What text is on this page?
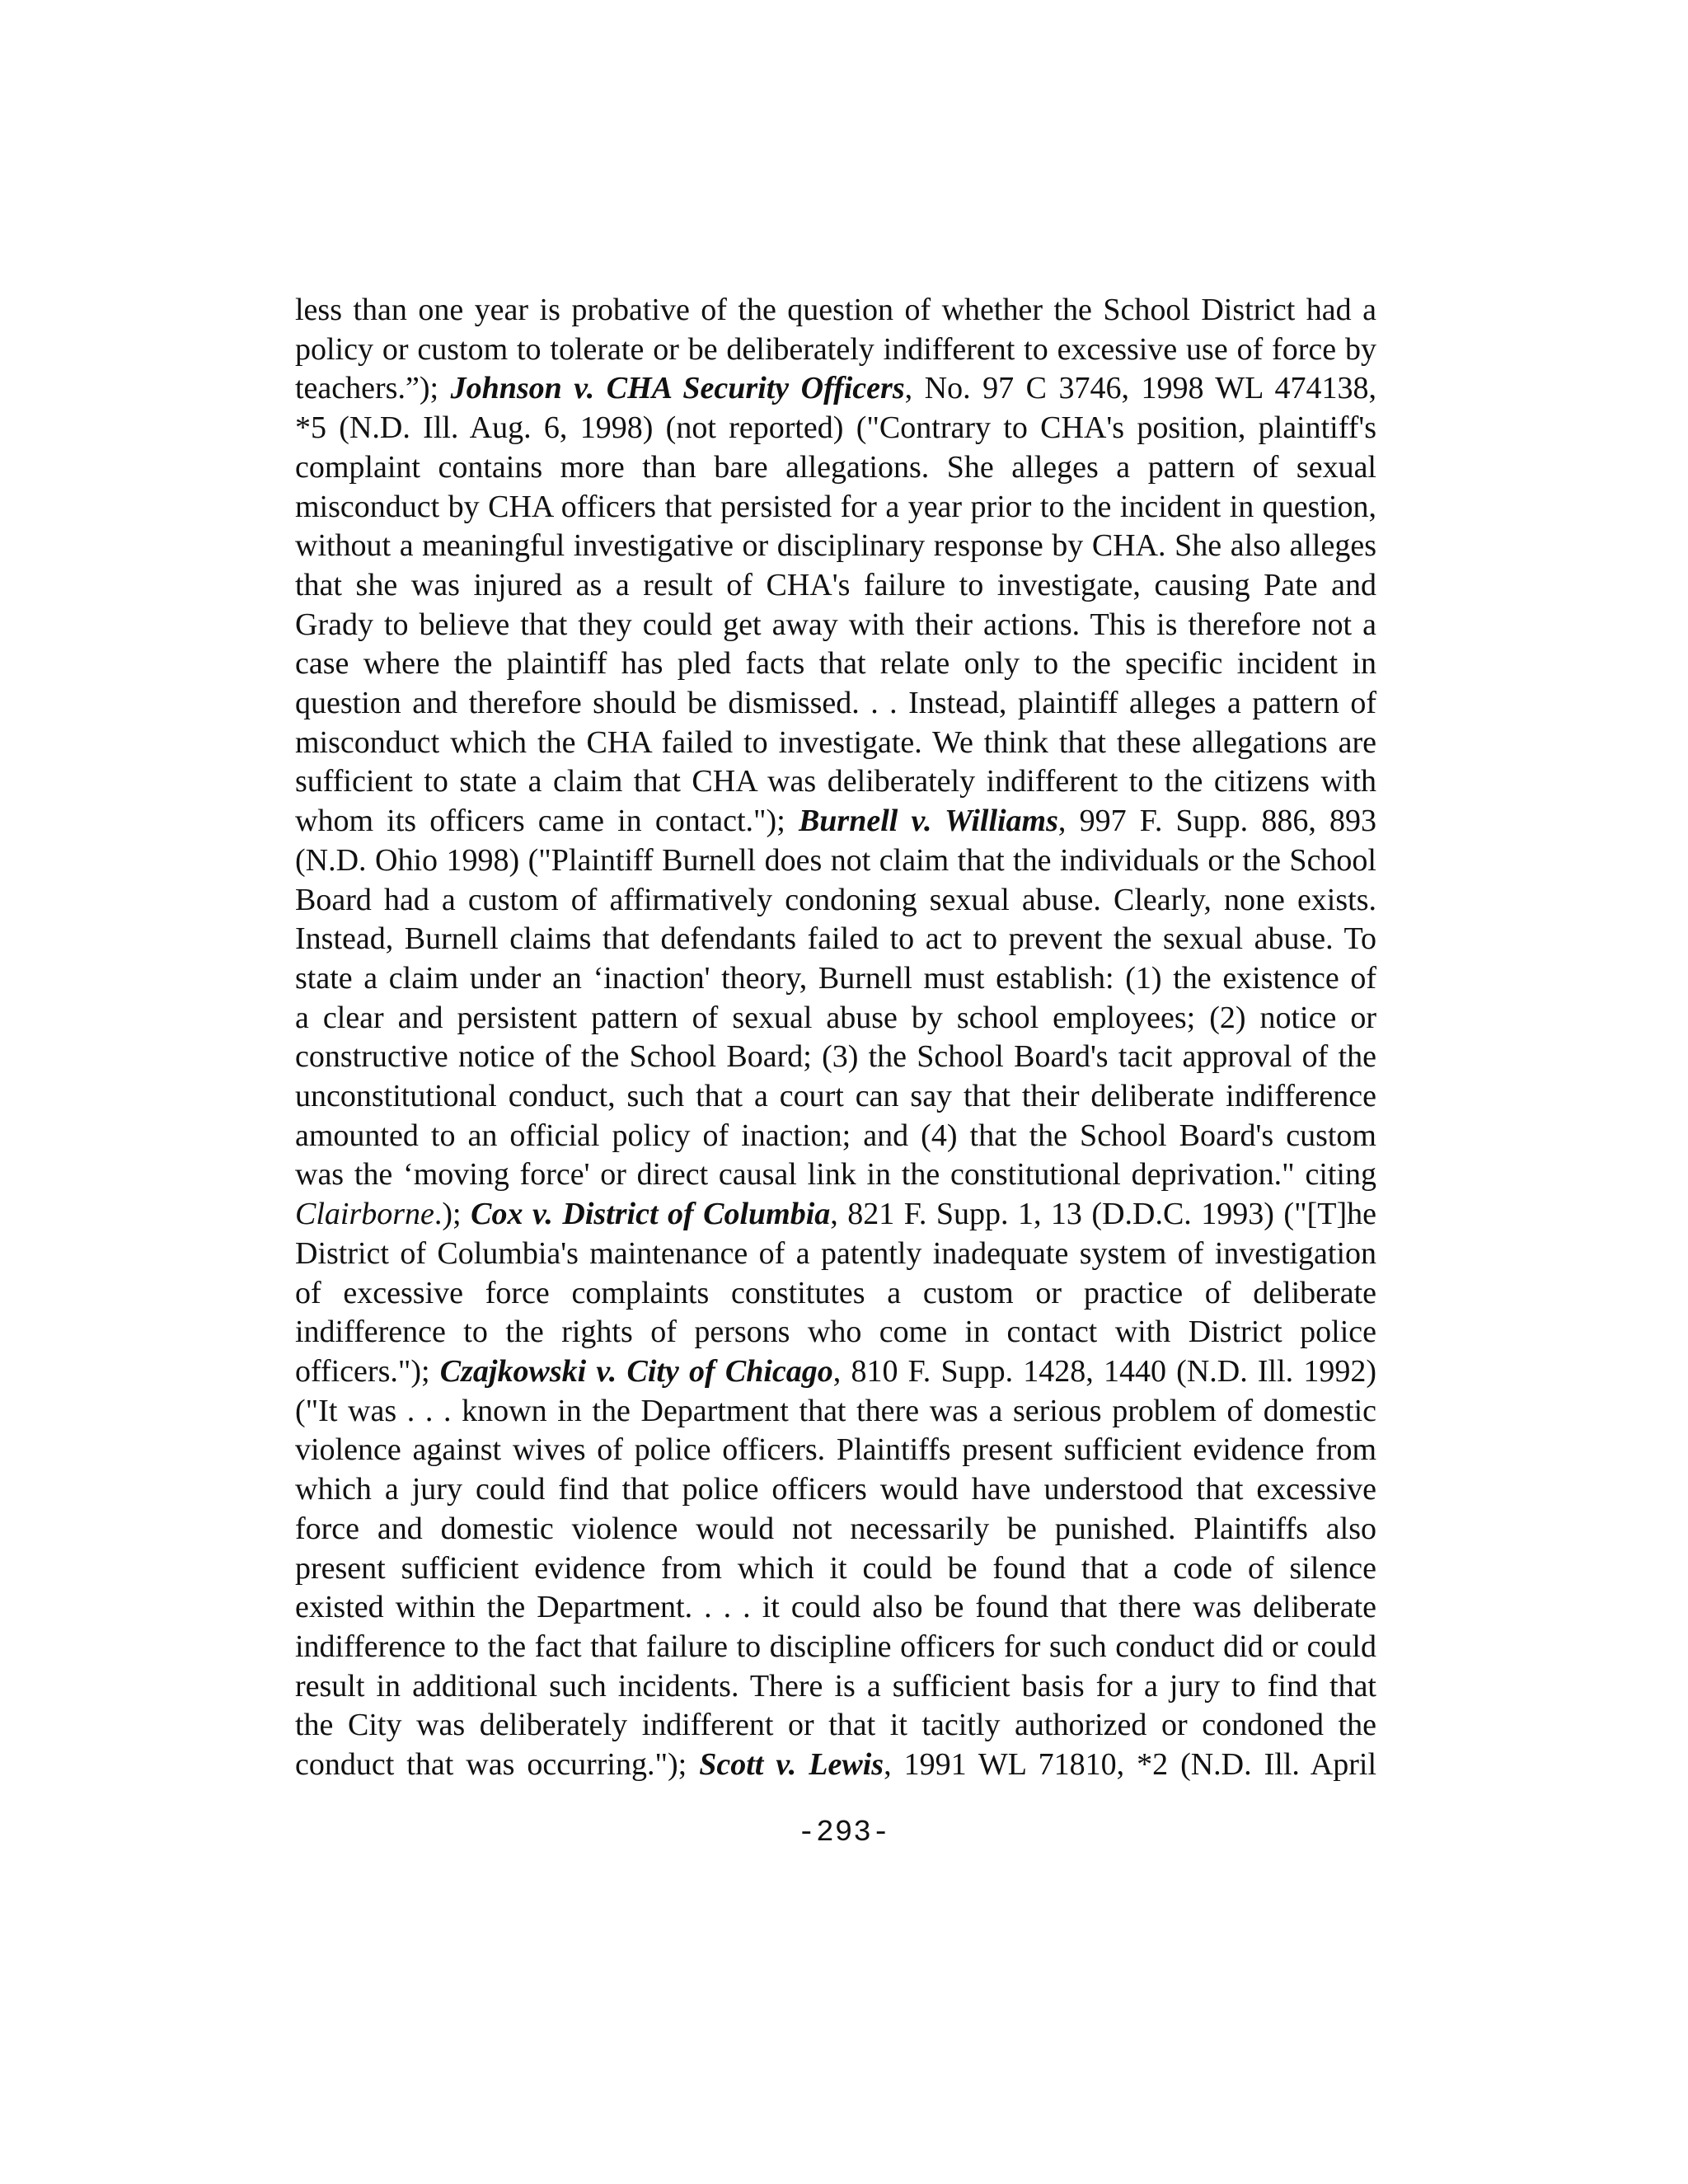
less than one year is probative of the question of whether the School District had a
policy or custom to tolerate or be deliberately indifferent to excessive use of force by
teachers.”); Johnson v. CHA Security Officers, No. 97 C 3746, 1998 WL 474138,
*5 (N.D. Ill. Aug. 6, 1998) (not reported) ("Contrary to CHA's position, plaintiff's
complaint contains more than bare allegations. She alleges a pattern of sexual
misconduct by CHA officers that persisted for a year prior to the incident in question,
without a meaningful investigative or disciplinary response by CHA. She also alleges
that she was injured as a result of CHA's failure to investigate, causing Pate and
Grady to believe that they could get away with their actions. This is therefore not a
case where the plaintiff has pled facts that relate only to the specific incident in
question and therefore should be dismissed. . . Instead, plaintiff alleges a pattern of
misconduct which the CHA failed to investigate. We think that these allegations are
sufficient to state a claim that CHA was deliberately indifferent to the citizens with
whom its officers came in contact."); Burnell v. Williams, 997 F. Supp. 886, 893
(N.D. Ohio 1998) ("Plaintiff Burnell does not claim that the individuals or the School
Board had a custom of affirmatively condoning sexual abuse. Clearly, none exists.
Instead, Burnell claims that defendants failed to act to prevent the sexual abuse. To
state a claim under an ‘inaction' theory, Burnell must establish: (1) the existence of
a clear and persistent pattern of sexual abuse by school employees; (2) notice or
constructive notice of the School Board; (3) the School Board's tacit approval of the
unconstitutional conduct, such that a court can say that their deliberate indifference
amounted to an official policy of inaction; and (4) that the School Board's custom
was the ‘moving force' or direct causal link in the constitutional deprivation." citing
Clairborne.); Cox v. District of Columbia, 821 F. Supp. 1, 13 (D.D.C. 1993) ("[T]he
District of Columbia's maintenance of a patently inadequate system of investigation
of excessive force complaints constitutes a custom or practice of deliberate
indifference to the rights of persons who come in contact with District police
officers."); Czajkowski v. City of Chicago, 810 F. Supp. 1428, 1440 (N.D. Ill. 1992)
("It was . . . known in the Department that there was a serious problem of domestic
violence against wives of police officers. Plaintiffs present sufficient evidence from
which a jury could find that police officers would have understood that excessive
force and domestic violence would not necessarily be punished. Plaintiffs also
present sufficient evidence from which it could be found that a code of silence
existed within the Department. . . . it could also be found that there was deliberate
indifference to the fact that failure to discipline officers for such conduct did or could
result in additional such incidents. There is a sufficient basis for a jury to find that
the City was deliberately indifferent or that it tacitly authorized or condoned the
conduct that was occurring."); Scott v. Lewis, 1991 WL 71810, *2 (N.D. Ill. April
-293-
